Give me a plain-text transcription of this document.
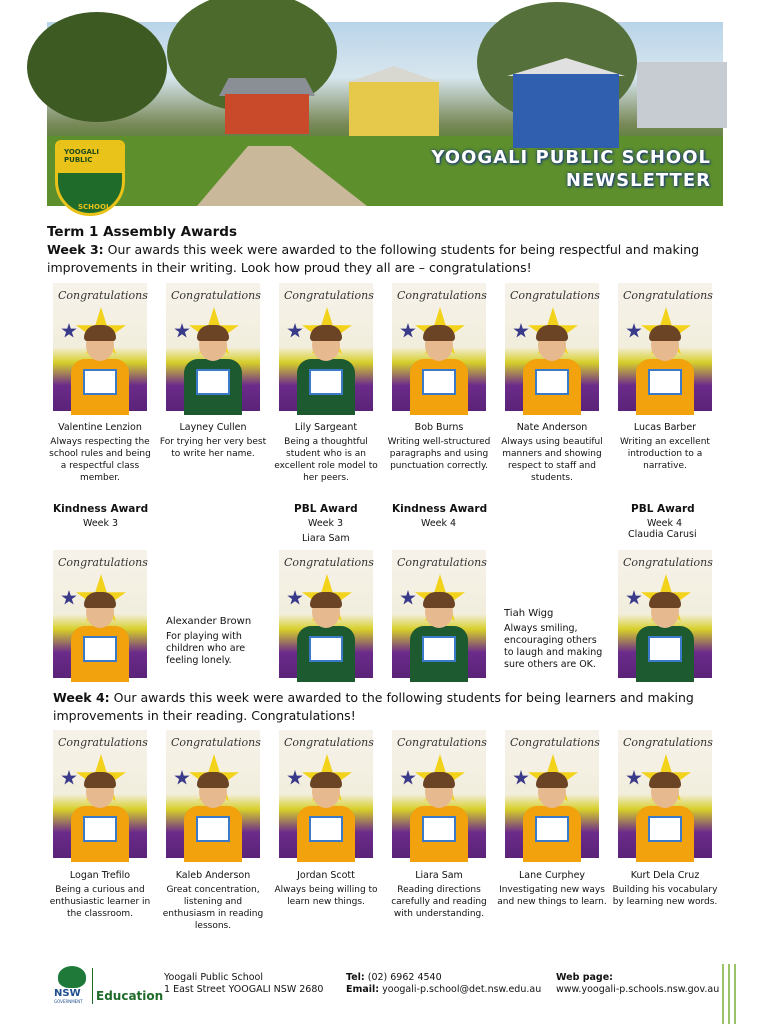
YOOGALI PUBLIC
SCHOOL
YOOGALI PUBLIC SCHOOL
NEWSLETTER
Term 1 Assembly Awards
Week 3: Our awards this week were awarded to the following students for being respectful and making improvements in their writing. Look how proud they all are – congratulations!
Congratulations Congratulations Congratulations Congratulations Congratulations Congratulations
Valentine Lenzion
Always respecting the school rules and being a respectful class member.
Layney Cullen
For trying her very best to write her name.
Lily Sargeant
Being a thoughtful student who is an excellent role model to her peers.
Bob Burns
Writing well-structured paragraphs and using punctuation correctly.
Nate Anderson
Always using beautiful manners and showing respect to staff and students.
Lucas Barber
Writing an excellent introduction to a narrative.
Kindness Award
Week 3
PBL Award
Week 3
Liara Sam
Kindness Award
Week 4
PBL Award
Week 4
Claudia Carusi
Congratulations	Congratulations Congratulations	Congratulations
Alexander Brown
For playing with children who are feeling lonely.
Tiah Wigg
Always smiling, encouraging others to laugh and making sure others are OK.
Week 4: Our awards this week were awarded to the following students for being learners and making improvements in their reading. Congratulations!
Congratulations Congratulations Congratulations Congratulations Congratulations Congratulations
Logan Trefilo
Being a curious and enthusiastic learner in the classroom.
Kaleb Anderson
Great concentration, listening and enthusiasm in reading lessons.
Jordan Scott
Always being willing to learn new things.
Liara Sam
Reading directions carefully and reading with understanding.
Lane Curphey
Investigating new ways and new things to learn.
Kurt Dela Cruz
Building his vocabulary by learning new words.
NSW
GOVERNMENT Education
Yoogali Public School
1 East Street YOOGALI NSW 2680
Tel: (02) 6962 4540
Email: yoogali-p.school@det.nsw.edu.au
Web page:
www.yoogali-p.schools.nsw.gov.au
